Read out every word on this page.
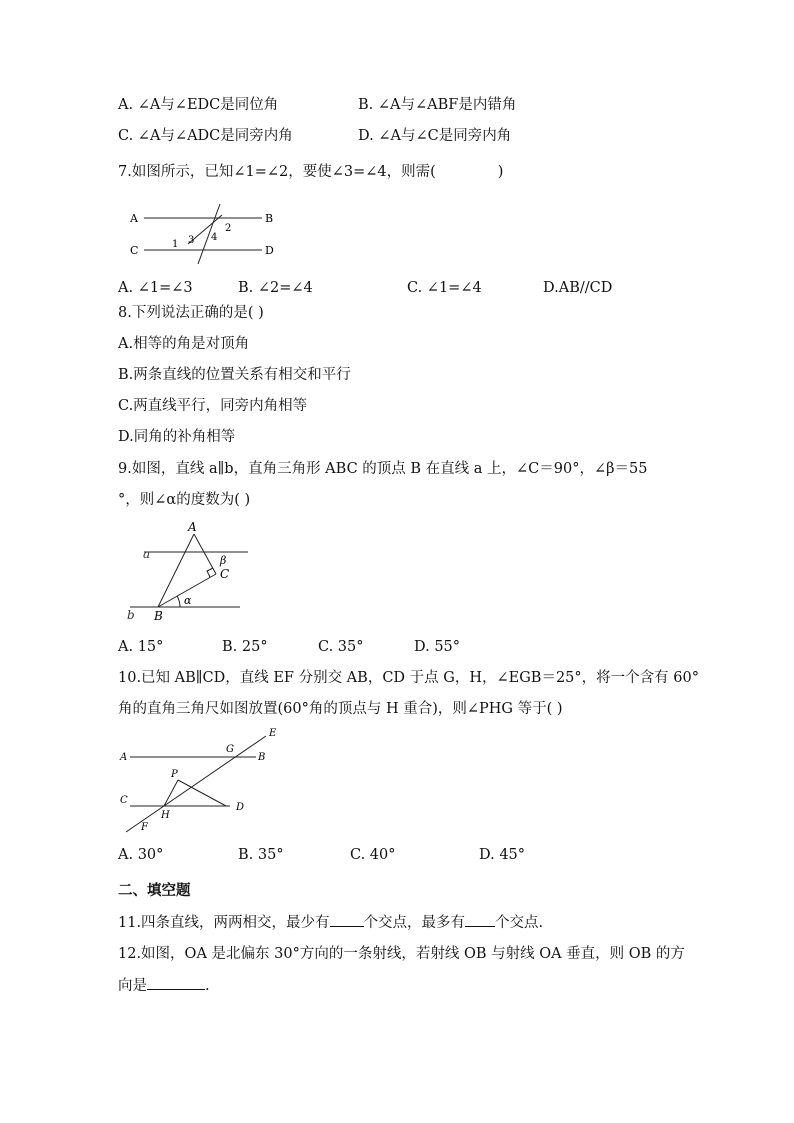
A. ∠A与∠EDC是同位角	B. ∠A与∠ABF是内错角
C. ∠A与∠ADC是同旁内角	D. ∠A与∠C是同旁内角
7.如图所示，已知∠1=∠2，要使∠3=∠4，则需(	)
A	B
C	D
1
2
3 4
A. ∠1=∠3	B. ∠2=∠4	C. ∠1=∠4	D.AB//CD
8.下列说法正确的是( )
A.相等的角是对顶角
B.两条直线的位置关系有相交和平行
C.两直线平行，同旁内角相等
D.同角的补角相等
9.如图，直线 a∥b，直角三角形 ABC 的顶点 B 在直线 a 上，∠C＝90°，∠β＝55
°，则∠α的度数为( )
A
B
C
a
b
α
β
A. 15°	B. 25°	C. 35°	D. 55°
10.已知 AB∥CD，直线 EF 分别交 AB，CD 于点 G，H，∠EGB＝25°，将一个含有 60°
角的直角三角尺如图放置(60°角的顶点与 H 重合)，则∠PHG 等于( )
A	B
C
D
E
F
G
H
P
A. 30°	B. 35°	C. 40°	D. 45°
二、填空题
11.四条直线，两两相交，最少有 个交点，最多有 个交点.
12.如图，OA 是北偏东 30°方向的一条射线，若射线 OB 与射线 OA 垂直，则 OB 的方
向是	.
